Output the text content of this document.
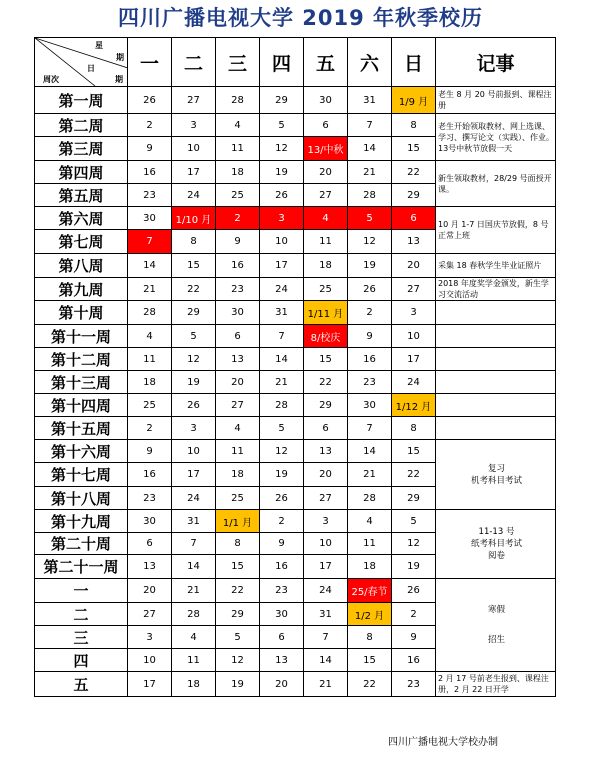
四川广播电视大学 2019 年秋季校历
星
期
日
期
周次	一	二	三	四	五	六	日	记事
第一周	26	27	28	29	30	31	1/9 月	老生 8 月 20 号前报到、课程注册

第二周	2	3	4	5	6	7	8	老生开始领取教材、网上选课、学习、撰写论文（实践）、作业。13号中秋节放假一天

第三周	9	10	11	12	13/中秋	14	15	
第四周	16	17	18	19	20	21	22	新生领取教材，28/29 号面授开课。

第五周	23	24	25	26	27	28	29	
第六周	30	1/10 月	2	3	4	5	6	10 月 1-7 日国庆节放假，8 号正常上班

第七周	7	8	9	10	11	12	13	
第八周	14	15	16	17	18	19	20	采集 18 春秋学生毕业证照片

第九周	21	22	23	24	25	26	27	2018 年度奖学金颁发，新生学习交流活动

第十周	28	29	30	31	1/11 月	2	3	
第十一周	4	5	6	7	8/校庆	9	10	
第十二周	11	12	13	14	15	16	17	
第十三周	18	19	20	21	22	23	24	
第十四周	25	26	27	28	29	30	1/12 月	
第十五周	2	3	4	5	6	7	8	
第十六周	9	10	11	12	13	14	15	复习
机考科目考试

第十七周	16	17	18	19	20	21	22	
第十八周	23	24	25	26	27	28	29	
第十九周	30	31	1/1 月	2	3	4	5	11-13 号
纸考科目考试
阅卷

第二十周	6	7	8	9	10	11	12	
第二十一周	13	14	15	16	17	18	19	
一	20	21	22	23	24	25/春节	26	寒假
招生

二	27	28	29	30	31	1/2 月	2	
三	3	4	5	6	7	8	9	
四	10	11	12	13	14	15	16	
五	17	18	19	20	21	22	23	2 月 17 号前老生报到、课程注册，2 月 22 日开学
四川广播电视大学校办制
